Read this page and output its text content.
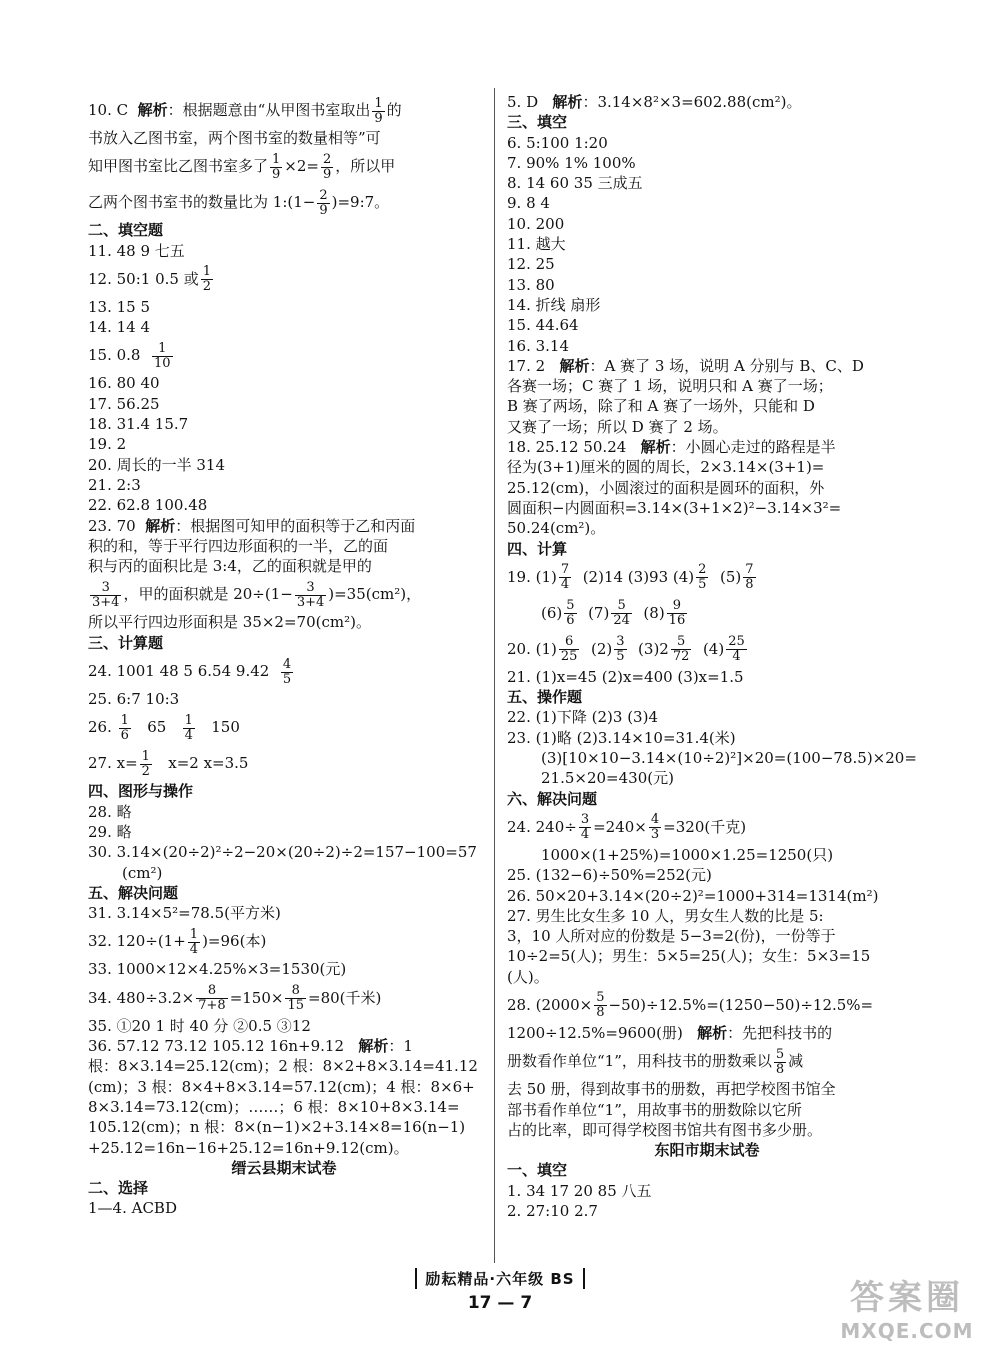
10. C 解析：根据题意由“从甲图书室取出 $\frac{1}{9}$ 的
书放入乙图书室，两个图书室的数量相等”可
知甲图书室比乙图书室多了 $\frac{1}{9} \times 2= \frac{2}{9}$ ，所以甲
乙两个图书室书的数量比为 1:(1− $\frac{2}{9}$ )=9:7。
二、填空题
11. 48 9 七五
12. 50:1 0.5 或 $\frac{1}{2}$
13. 15 5
14. 14 4
15. $0.8 \frac{1}{10}$
16. 80 40
17. 56.25
18. 31.4 15.7
19. 2
20. 周长的一半 314
21. 2:3
22. 62.8 100.48
23. 70 解析：根据图可知甲的面积等于乙和丙面
积的和，等于平行四边形面积的一半，乙的面
积与丙的面积比是 3:4，乙的面积就是甲的
$\frac{3}{3+4}$ ，甲的面积就是 $20\div(1- \frac{3}{3+4} )=35(cm^2)$，
所以平行四边形面积是 35×2=70(cm²)。
三、计算题
24. 1001 48 5 6.54 $9.42 \frac{4}{5}$
25. 6:7 10:3
26. $\frac{1}{6} 65 \frac{1}{4} 150$
27. $x= \frac{1}{2} x=2$ x=3.5
四、图形与操作
28. 略
29. 略
30. 3.14×(20÷2)²÷2−20×(20÷2)÷2=157−100=57
(cm²)
五、解决问题
31. 3.14×5²=78.5(平方米)
32. $120\div(1+ \frac{1}{4} )=96$(本)
33. 1000×12×4.25%×3=1530(元)
34. $480\div 3.2\times \frac{8}{7+8} =150\times \frac{8}{15} =80$(千米)
35. ①20 1 时 40 分 ②0.5 ③12
36. 57.12 73.12 105.12 16n+9.12 解析：1
根：8×3.14=25.12(cm)；2 根：8×2+8×3.14=41.12
(cm)；3 根：8×4+8×3.14=57.12(cm)；4 根：8×6+
8×3.14=73.12(cm)；……；6 根：8×10+8×3.14=
105.12(cm)；n 根：8×(n−1)×2+3.14×8=16(n−1)
+25.12=16n−16+25.12=16n+9.12(cm)。
缙云县期末试卷
二、选择
1—4. ACBD
5. D 解析：3.14×8²×3=602.88(cm²)。
三、填空
6. 5:100 1:20
7. 90% 1% 100%
8. 14 60 35 三成五
9. 8 4
10. 200
11. 越大
12. 25
13. 80
14. 折线 扇形
15. 44.64
16. 3.14
17. 2 解析：A 赛了 3 场，说明 A 分别与 B、C、D
各赛一场；C 赛了 1 场，说明只和 A 赛了一场；
B 赛了两场，除了和 A 赛了一场外，只能和 D
又赛了一场；所以 D 赛了 2 场。
18. 25.12 50.24 解析：小圆心走过的路程是半
径为(3+1)厘米的圆的周长，2×3.14×(3+1)=
25.12(cm)，小圆滚过的面积是圆环的面积，外
圆面积−内圆面积=3.14×(3+1×2)²−3.14×3²=
50.24(cm²)。
四、计算
19. $(1) \frac{7}{4} (2)14$ (3)93 $(4) \frac{2}{5} (5) \frac{7}{8}$
$(6) \frac{5}{6} (7) \frac{5}{24} (8) \frac{9}{16}$
20. $(1) \frac{6}{25} (2) \frac{3}{5} (3)2 \frac{5}{72} (4) \frac{25}{4}$
21. (1)x=45 (2)x=400 (3)x=1.5
五、操作题
22. (1)下降 (2)3 (3)4
23. (1)略 (2)3.14×10=31.4(米)
(3)[10×10−3.14×(10÷2)²]×20=(100−78.5)×20=
21.5×20=430(元)
六、解决问题
24. $240\div \frac{3}{4} =240\times \frac{4}{3} =320$(千克)
1000×(1+25%)=1000×1.25=1250(只)
25. (132−6)÷50%=252(元)
26. 50×20+3.14×(20÷2)²=1000+314=1314(m²)
27. 男生比女生多 10 人，男女生人数的比是 5:
3，10 人所对应的份数是 5−3=2(份)，一份等于
10÷2=5(人)；男生：5×5=25(人)；女生：5×3=15
(人)。
28. $(2000\times \frac{5}{8} -50)\div 12.5\%=(1250-50)\div 12.5\%=$
1200÷12.5%=9600(册) 解析：先把科技书的
册数看作单位“1”，用科技书的册数乘以 $\frac{5}{8}$ 减
去 50 册，得到故事书的册数，再把学校图书馆全
部书看作单位“1”，用故事书的册数除以它所
占的比率，即可得学校图书馆共有图书多少册。
东阳市期末试卷
一、填空
1. 34 17 20 85 八五
2. 27:10 2.7
励耘精品·六年级 BS
17 — 7	答案圈
MXQE.COM
